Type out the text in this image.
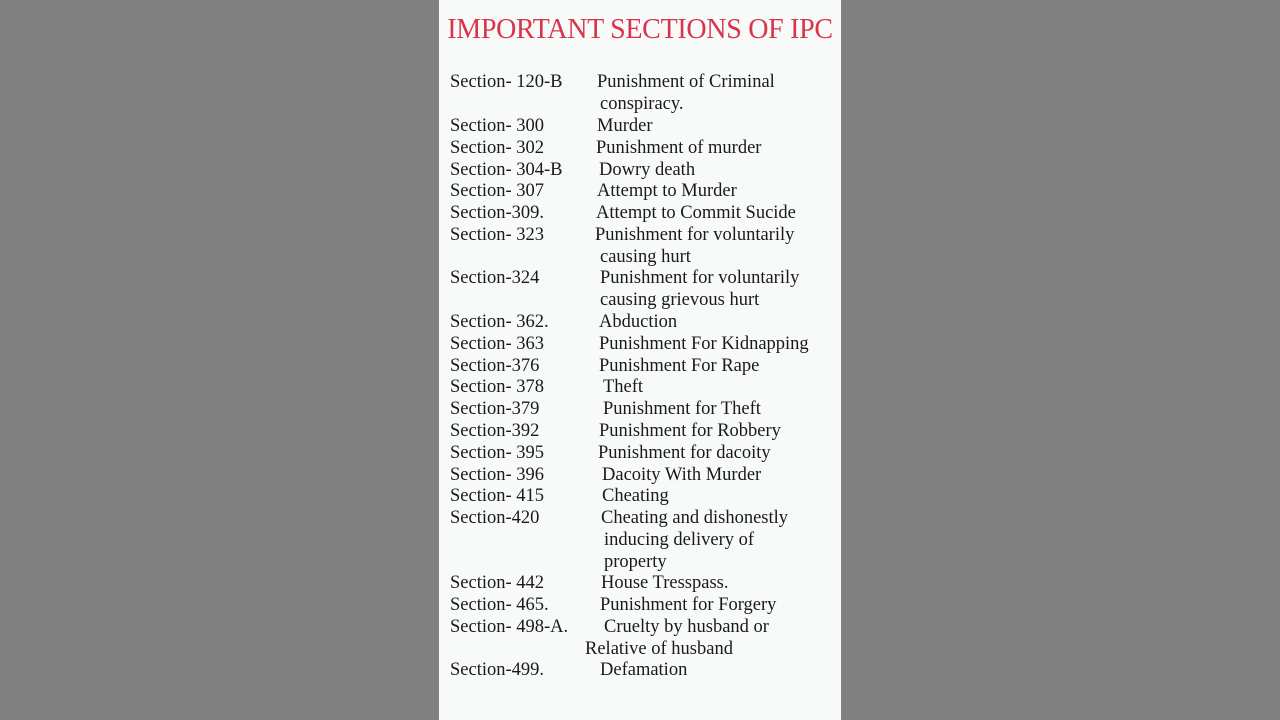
IMPORTANT SECTIONS OF IPC
Section- 120-B Punishment of Criminal
conspiracy.
Section- 300	Murder
Section- 302	Punishment of murder
Section- 304-B Dowry death
Section- 307	Attempt to Murder
Section-309.	Attempt to Commit Sucide
Section- 323	Punishment for voluntarily
causing hurt
Section-324	Punishment for voluntarily
causing grievous hurt
Section- 362.	Abduction
Section- 363	Punishment For Kidnapping
Section-376	Punishment For Rape
Section- 378	Theft
Section-379	Punishment for Theft
Section-392	Punishment for Robbery
Section- 395	Punishment for dacoity
Section- 396	Dacoity With Murder
Section- 415	Cheating
Section-420	Cheating and dishonestly
inducing delivery of
property
Section- 442	House Tresspass.
Section- 465.	Punishment for Forgery
Section- 498-A. Cruelty by husband or
Relative of husband
Section-499.	Defamation
